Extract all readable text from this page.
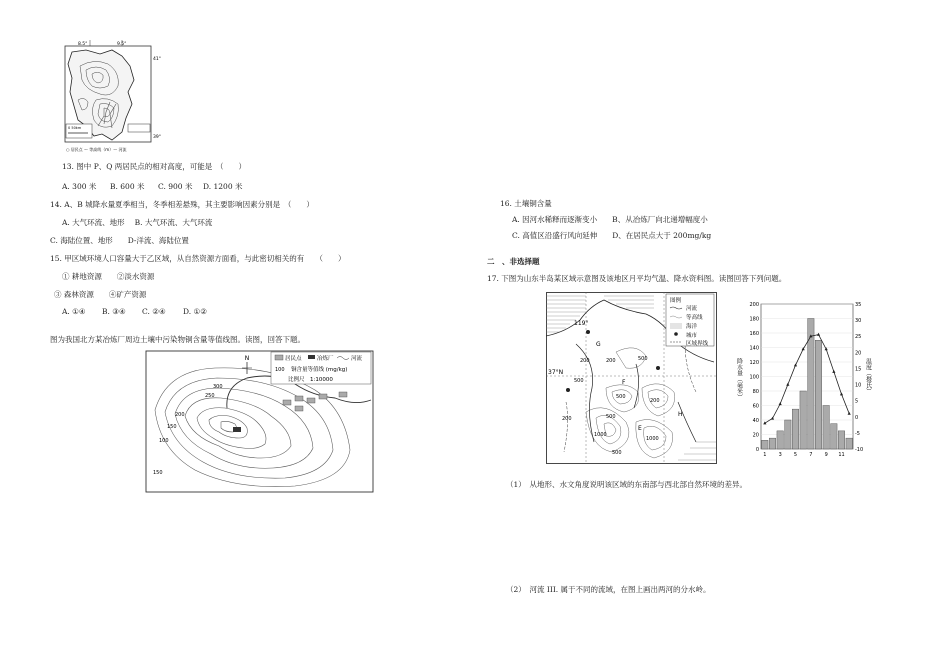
8.5°	9.5°
41°
39°
0 50km
○ 居民点 〜 等高线（m）〜 河流
13. 图中 P、Q 两居民点的相对高度，可能是　（　　）
A. 300 米 B. 600 米 C. 900 米 D. 1200 米
14. A、B 城降水量夏季相当，冬季相差悬殊，其主要影响因素分别是　（　　）
A. 大气环流、地形　 B. 大气环流、大气环流
C. 海陆位置、地形　　D-洋流、海陆位置
15. 甲区域环境人口容量大于乙区域，从自然资源方面看，与此密切相关的有　　（　　）
① 耕地资源　　②淡水资源
③ 森林资源　　④矿产资源
A. ①④ B. ③④ C. ②④ D. ①②
图为我国北方某冶炼厂周边土壤中污染物铜含量等值线图。读图，回答下题。
300
250
200
150
100
150
N	居民点	冶炼厂	河流
100 铜含量等值线 (mg/kg)
比例尺　1:10000
16. 土壤铜含量
A. 因河水稀释而逐渐变小　　B、从冶炼厂向北递增幅度小
C. 高值区沿盛行风向延伸　　D、在居民点大于 200mg/kg
二　、非选择题
17. 下图为山东半岛某区域示意图及该地区月平均气温、降水资料图。读图回答下列问题。
119°
37°N
G
F
E
H
200
500
200	500
200
500
200
500
1000
1000
500
图例
河流
等高线
海洋
城市
区域界线
200
180
160
140
120
100
80
60
40
20
0
35
30
25
20
15
10
5
0
-5
-10
1 3 5 7 9 11
降水量（毫米）	温度（摄氏）
（1）　从地形、水文角度说明该区域的东南部与西北部自然环境的差异。
（2）　河流 III. 属于不同的流域，在图上画出两河的分水岭。
